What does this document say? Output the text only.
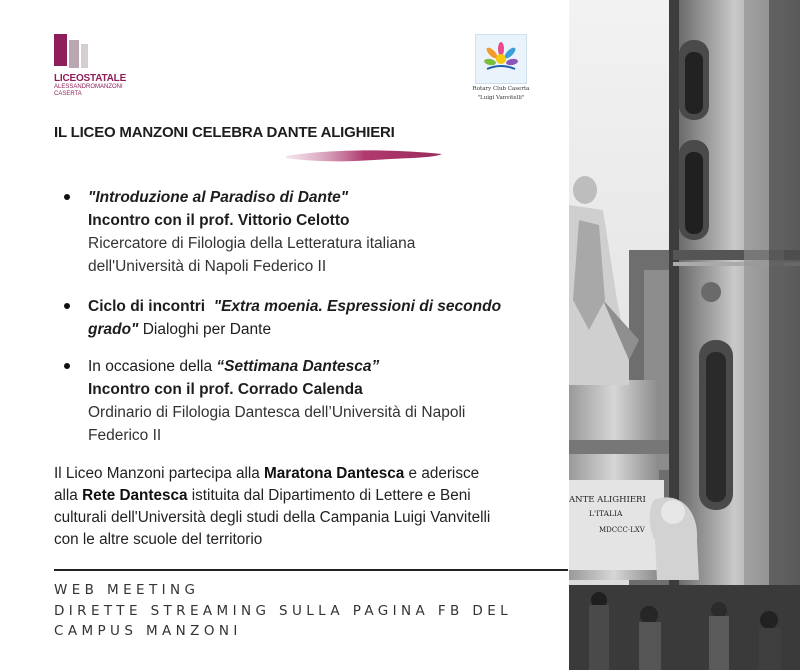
LICEOSTATALE
ALESSANDROMANZONI
CASERTA
Rotary Club Caserta
"Luigi Vanvitelli"
IL LICEO MANZONI CELEBRA DANTE ALIGHIERI
"Introduzione al Paradiso di Dante"
Incontro con il prof. Vittorio Celotto
Ricercatore di Filologia della Letteratura italiana
dell'Università di Napoli Federico II
Ciclo di incontri "Extra moenia. Espressioni di secondo
grado" Dialoghi per Dante
In occasione della “Settimana Dantesca”
Incontro con il prof. Corrado Calenda
Ordinario di Filologia Dantesca dell’Università di Napoli
Federico II
Il Liceo Manzoni partecipa alla Maratona Dantesca e aderisce
alla Rete Dantesca istituita dal Dipartimento di Lettere e Beni
culturali dell'Università degli studi della Campania Luigi Vanvitelli
con le altre scuole del territorio
WEB MEETING
DIRETTE STREAMING SULLA PAGINA FB DEL
CAMPUS MANZONI
ANTE ALIGHIERI
L'ITALIA
MDCCC·LXV
